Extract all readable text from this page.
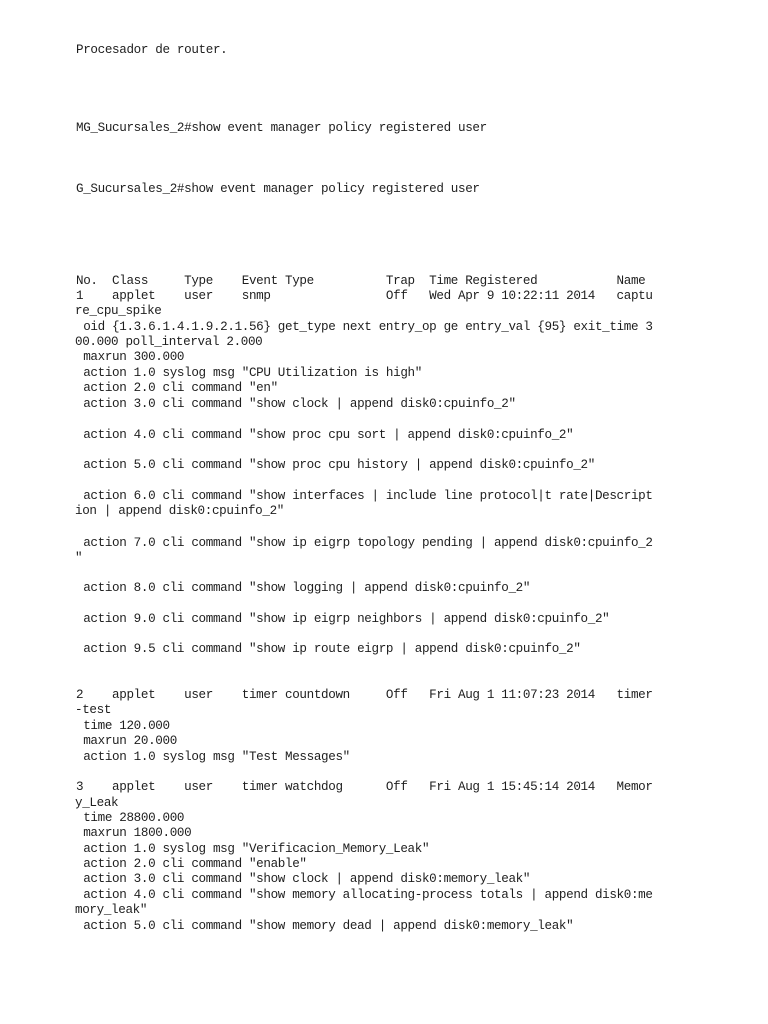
Procesador de router.
MG_Sucursales_2#show event manager policy registered user
G_Sucursales_2#show event manager policy registered user
No.  Class     Type    Event Type          Trap  Time Registered           Name
1    applet    user    snmp                Off   Wed Apr 9 10:22:11 2014   captu
re_cpu_spike
oid {1.3.6.1.4.1.9.2.1.56} get_type next entry_op ge entry_val {95} exit_time 3
00.000 poll_interval 2.000
maxrun 300.000
action 1.0 syslog msg "CPU Utilization is high"
action 2.0 cli command "en"
action 3.0 cli command "show clock | append disk0:cpuinfo_2"
action 4.0 cli command "show proc cpu sort | append disk0:cpuinfo_2"
action 5.0 cli command "show proc cpu history | append disk0:cpuinfo_2"
action 6.0 cli command "show interfaces | include line protocol|t rate|Descript
ion | append disk0:cpuinfo_2"
action 7.0 cli command "show ip eigrp topology pending | append disk0:cpuinfo_2
"
action 8.0 cli command "show logging | append disk0:cpuinfo_2"
action 9.0 cli command "show ip eigrp neighbors | append disk0:cpuinfo_2"
action 9.5 cli command "show ip route eigrp | append disk0:cpuinfo_2"
2    applet    user    timer countdown     Off   Fri Aug 1 11:07:23 2014   timer
-test
time 120.000
maxrun 20.000
action 1.0 syslog msg "Test Messages"
3    applet    user    timer watchdog      Off   Fri Aug 1 15:45:14 2014   Memor
y_Leak
time 28800.000
maxrun 1800.000
action 1.0 syslog msg "Verificacion_Memory_Leak"
action 2.0 cli command "enable"
action 3.0 cli command "show clock | append disk0:memory_leak"
action 4.0 cli command "show memory allocating-process totals | append disk0:me
mory_leak"
action 5.0 cli command "show memory dead | append disk0:memory_leak"
